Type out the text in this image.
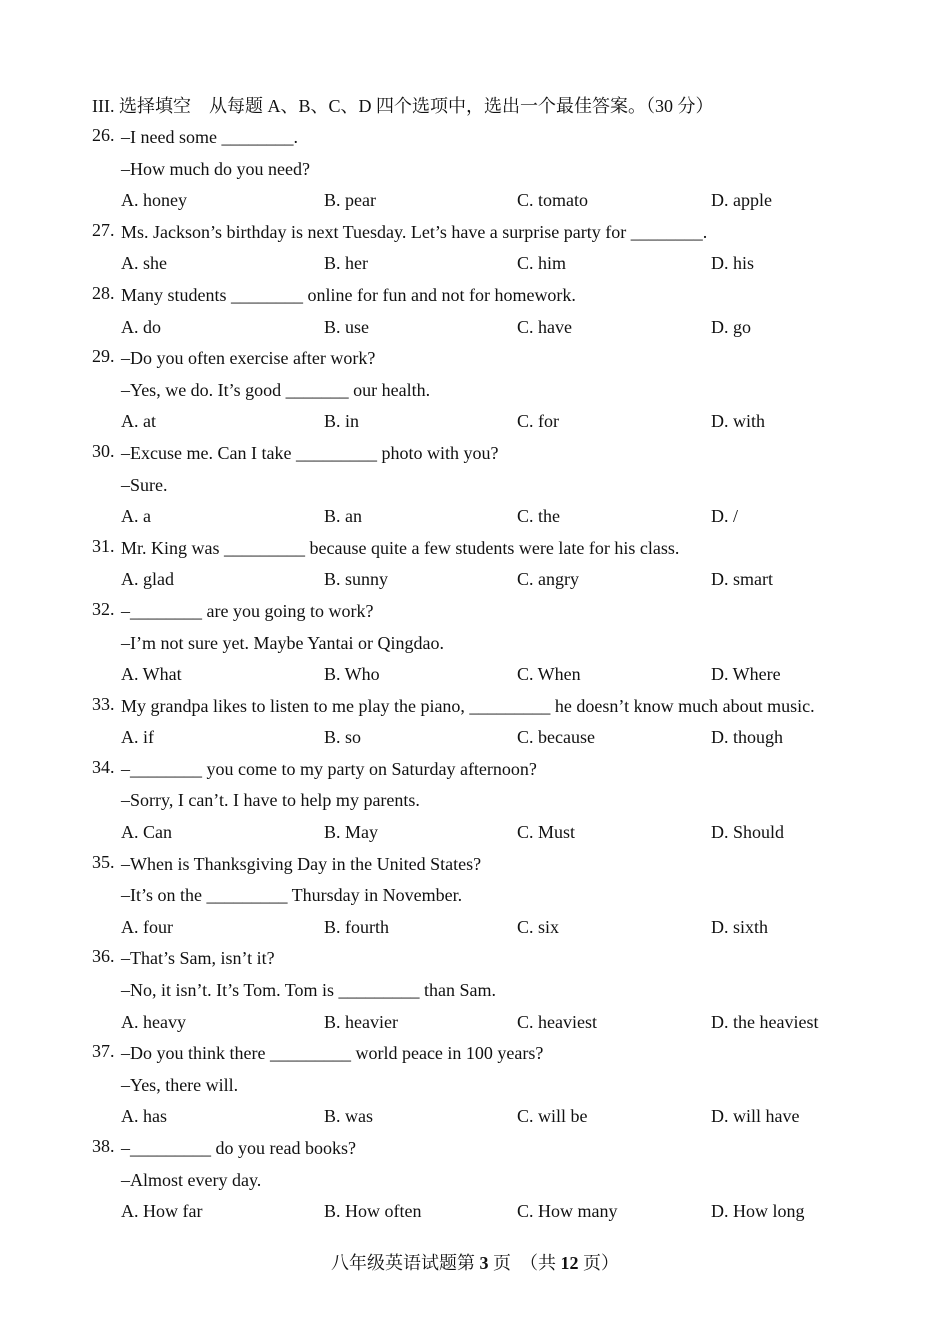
III. 选择填空　从每题 A、B、C、D 四个选项中，选出一个最佳答案。（30 分）
26. –I need some ________.
–How much do you need?
A. honey	B. pear	C. tomato	D. apple
27. Ms. Jackson’s birthday is next Tuesday. Let’s have a surprise party for ________.
A. she	B. her	C. him	D. his
28. Many students ________ online for fun and not for homework.
A. do	B. use	C. have	D. go
29. –Do you often exercise after work?
–Yes, we do. It’s good _______ our health.
A. at	B. in	C. for	D. with
30. –Excuse me. Can I take _________ photo with you?
–Sure.
A. a	B. an	C. the	D. /
31. Mr. King was _________ because quite a few students were late for his class.
A. glad	B. sunny	C. angry	D. smart
32. –________ are you going to work?
–I’m not sure yet. Maybe Yantai or Qingdao.
A. What	B. Who	C. When	D. Where
33. My grandpa likes to listen to me play the piano, _________ he doesn’t know much about music.
A. if	B. so	C. because	D. though
34. –________ you come to my party on Saturday afternoon?
–Sorry, I can’t. I have to help my parents.
A. Can	B. May	C. Must	D. Should
35. –When is Thanksgiving Day in the United States?
–It’s on the _________ Thursday in November.
A. four	B. fourth	C. six	D. sixth
36. –That’s Sam, isn’t it?
–No, it isn’t. It’s Tom. Tom is _________ than Sam.
A. heavy	B. heavier	C. heaviest	D. the heaviest
37. –Do you think there _________ world peace in 100 years?
–Yes, there will.
A. has	B. was	C. will be	D. will have
38. –_________ do you read books?
–Almost every day.
A. How far	B. How often	C. How many	D. How long
八年级英语试题第 3 页　（共 12 页）
